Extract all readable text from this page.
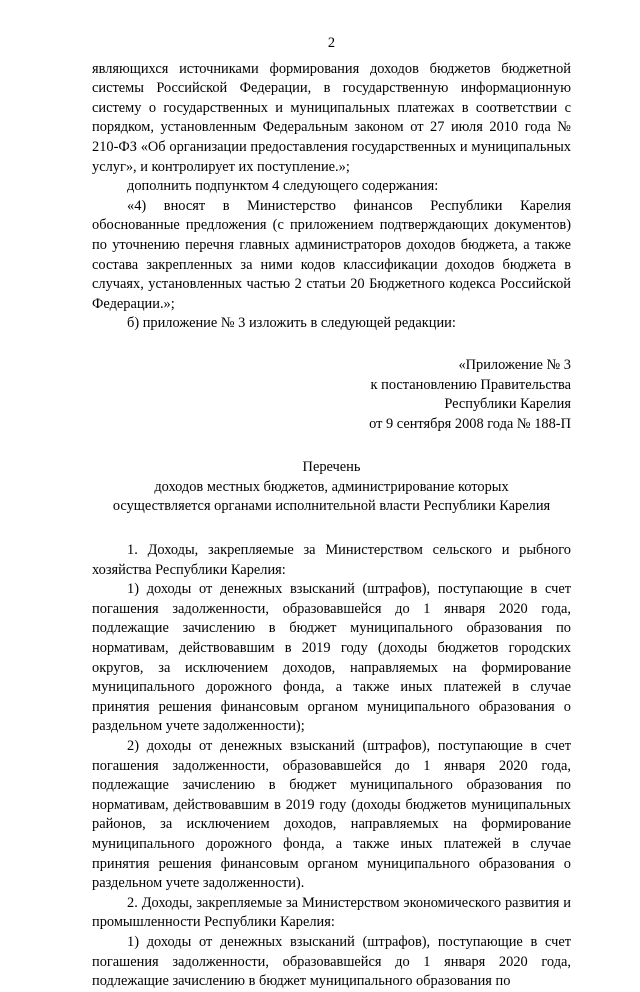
2

являющихся источниками формирования доходов бюджетов бюджетной системы Российской Федерации, в государственную информационную систему о государственных и муниципальных платежах в соответствии с порядком, установленным Федеральным законом от 27 июля 2010 года № 210-ФЗ «Об организации предоставления государственных и муниципальных услуг», и контролирует их поступление.»;

дополнить подпунктом 4 следующего содержания:

«4) вносят в Министерство финансов Республики Карелия обоснованные предложения (с приложением подтверждающих документов) по уточнению перечня главных администраторов доходов бюджета, а также состава закрепленных за ними кодов классификации доходов бюджета в случаях, установленных частью 2 статьи 20 Бюджетного кодекса Российской Федерации.»;

б) приложение № 3 изложить в следующей редакции:

«Приложение № 3
к постановлению Правительства
Республики Карелия
от 9 сентября 2008 года № 188-П
Перечень
доходов местных бюджетов, администрирование которых
осуществляется органами исполнительной власти Республики Карелия

1. Доходы, закрепляемые за Министерством сельского и рыбного хозяйства Республики Карелия:

1) доходы от денежных взысканий (штрафов), поступающие в счет погашения задолженности, образовавшейся до 1 января 2020 года, подлежащие зачислению в бюджет муниципального образования по нормативам, действовавшим в 2019 году (доходы бюджетов городских округов, за исключением доходов, направляемых на формирование муниципального дорожного фонда, а также иных платежей в случае принятия решения финансовым органом муниципального образования о раздельном учете задолженности);

2) доходы от денежных взысканий (штрафов), поступающие в счет погашения задолженности, образовавшейся до 1 января 2020 года, подлежащие зачислению в бюджет муниципального образования по нормативам, действовавшим в 2019 году (доходы бюджетов муниципальных районов, за исключением доходов, направляемых на формирование муниципального дорожного фонда, а также иных платежей в случае принятия решения финансовым органом муниципального образования о раздельном учете задолженности).

2. Доходы, закрепляемые за Министерством экономического развития и промышленности Республики Карелия:

1) доходы от денежных взысканий (штрафов), поступающие в счет погашения задолженности, образовавшейся до 1 января 2020 года, подлежащие зачислению в бюджет муниципального образования по
